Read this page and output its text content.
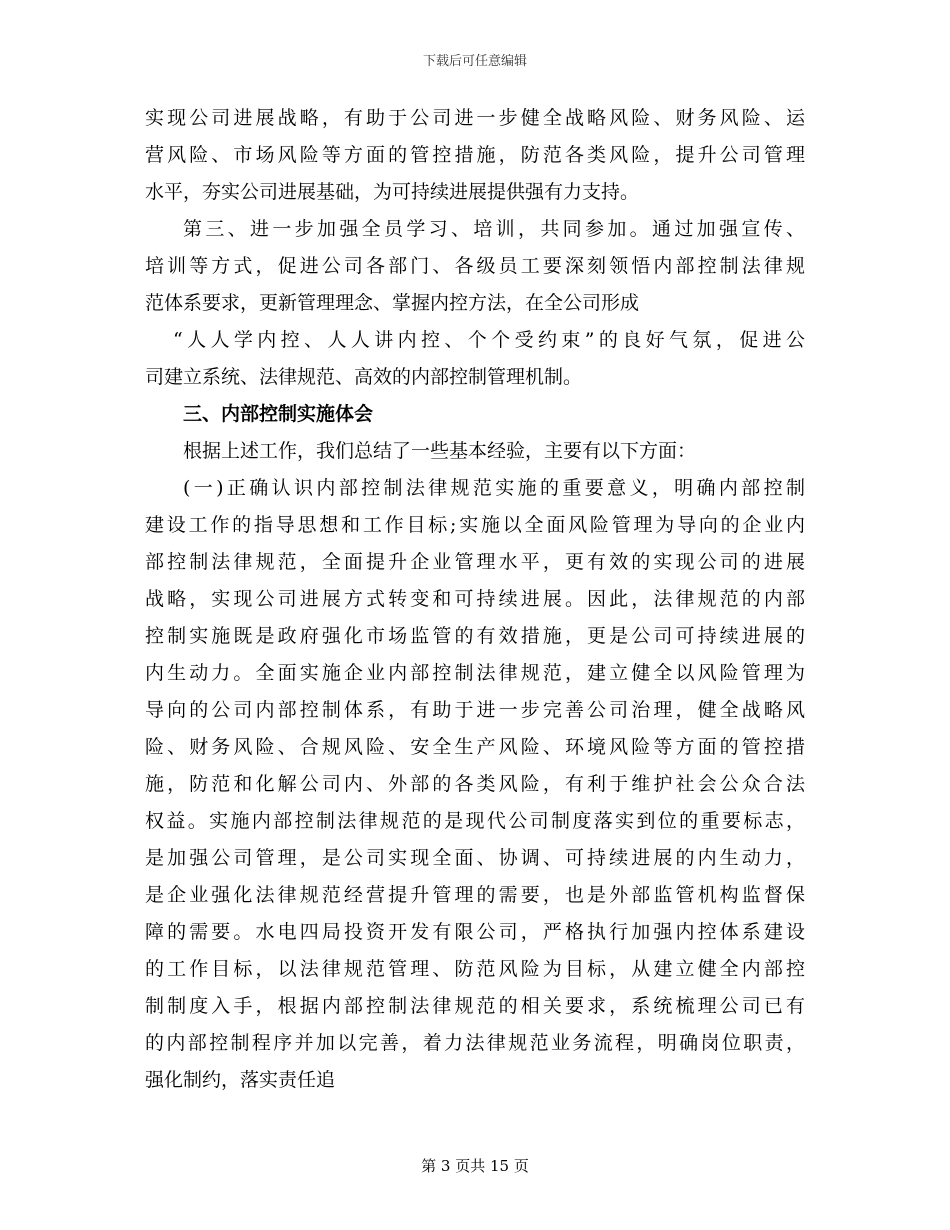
下载后可任意编辑
实现公司进展战略，有助于公司进一步健全战略风险、财务风险、运
营风险、市场风险等方面的管控措施，防范各类风险，提升公司管理
水平，夯实公司进展基础，为可持续进展提供强有力支持。
第三、进一步加强全员学习、培训，共同参加。通过加强宣传、
培训等方式，促进公司各部门、各级员工要深刻领悟内部控制法律规
范体系要求，更新管理理念、掌握内控方法，在全公司形成
“人人学内控、人人讲内控、个个受约束”的良好气氛，促进公
司建立系统、法律规范、高效的内部控制管理机制。
三、内部控制实施体会
根据上述工作，我们总结了一些基本经验，主要有以下方面：
(一)正确认识内部控制法律规范实施的重要意义，明确内部控制
建设工作的指导思想和工作目标;实施以全面风险管理为导向的企业内
部控制法律规范，全面提升企业管理水平，更有效的实现公司的进展
战略，实现公司进展方式转变和可持续进展。因此，法律规范的内部
控制实施既是政府强化市场监管的有效措施，更是公司可持续进展的
内生动力。全面实施企业内部控制法律规范，建立健全以风险管理为
导向的公司内部控制体系，有助于进一步完善公司治理，健全战略风
险、财务风险、合规风险、安全生产风险、环境风险等方面的管控措
施，防范和化解公司内、外部的各类风险，有利于维护社会公众合法
权益。实施内部控制法律规范的是现代公司制度落实到位的重要标志，
是加强公司管理，是公司实现全面、协调、可持续进展的内生动力，
是企业强化法律规范经营提升管理的需要，也是外部监管机构监督保
障的需要。水电四局投资开发有限公司，严格执行加强内控体系建设
的工作目标，以法律规范管理、防范风险为目标，从建立健全内部控
制制度入手，根据内部控制法律规范的相关要求，系统梳理公司已有
的内部控制程序并加以完善，着力法律规范业务流程，明确岗位职责，
强化制约，落实责任追
第 3 页共 15 页
